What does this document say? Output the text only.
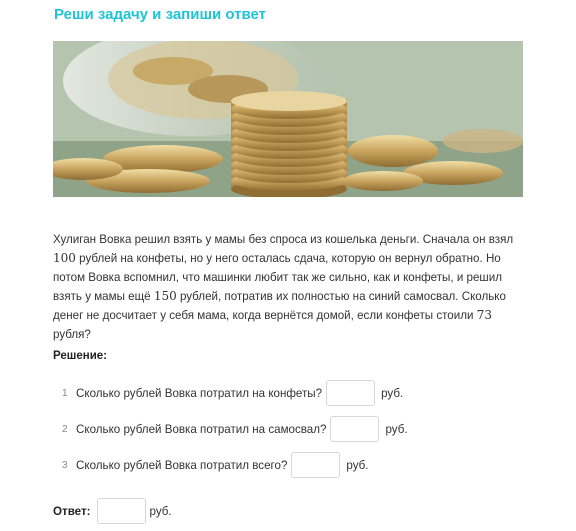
Реши задачу и запиши ответ

Хулиган Вовка решил взять у мамы без спроса из кошелька деньги. Сначала он взял 100 рублей на конфеты, но у него осталась сдача, которую он вернул обратно. Но потом Вовка вспомнил, что машинки любит так же сильно, как и конфеты, и решил взять у мамы ещё 150 рублей, потратив их полностью на синий самосвал. Сколько денег не досчитает у себя мама, когда вернётся домой, если конфеты стоили 73 рубля?

Решение:
1 Сколько рублей Вовка потратил на конфеты?	руб.
2 Сколько рублей Вовка потратил на самосвал?	руб.
3 Сколько рублей Вовка потратил всего?	руб.
Ответ:	руб.
